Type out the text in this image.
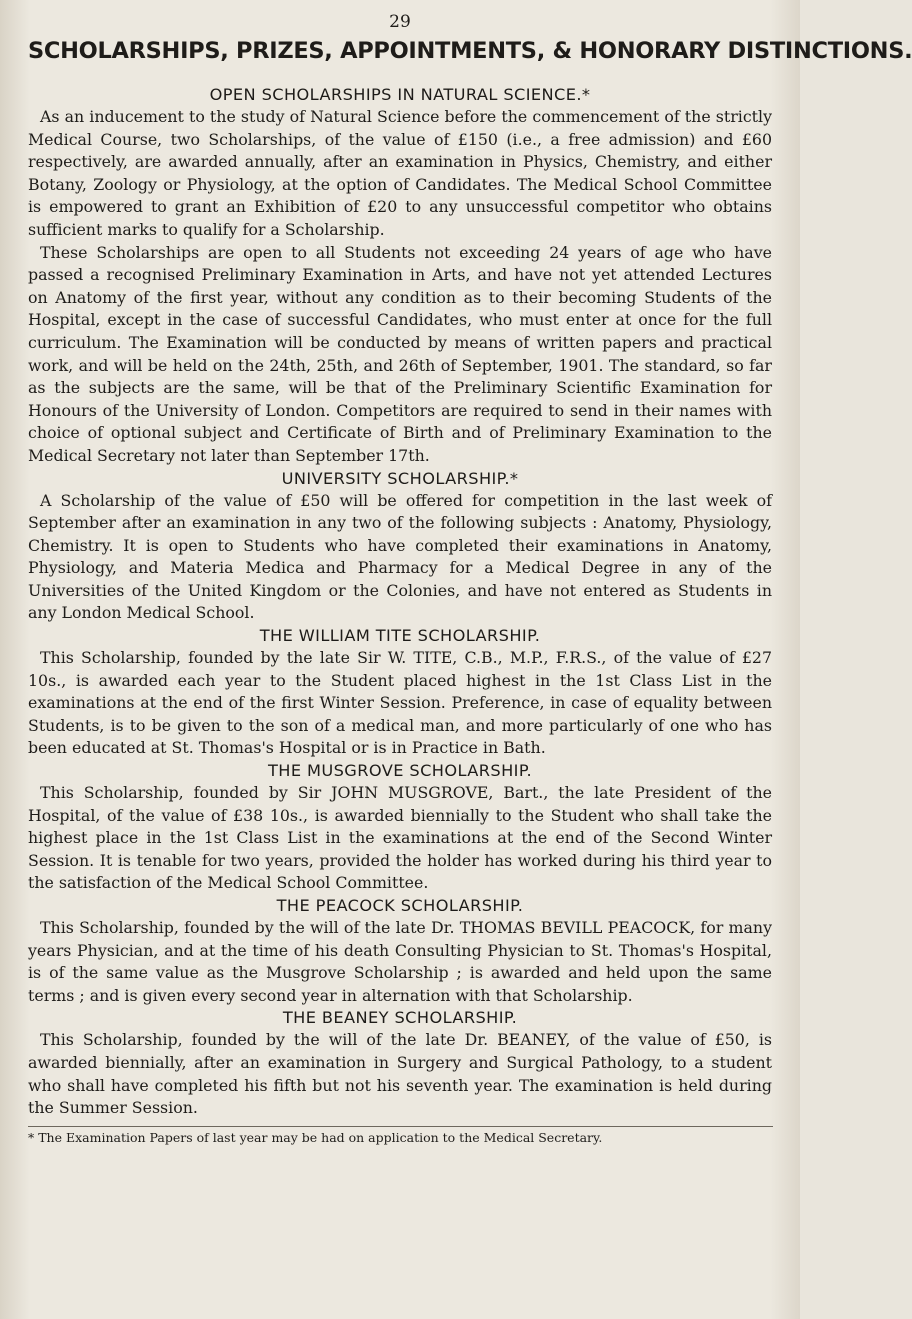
29
SCHOLARSHIPS, PRIZES, APPOINTMENTS, & HONORARY DISTINCTIONS.
OPEN SCHOLARSHIPS IN NATURAL SCIENCE.*

As an inducement to the study of Natural Science before the commencement of the strictly Medical Course, two Scholarships, of the value of £150 (i.e., a free admission) and £60 respectively, are awarded annually, after an examination in Physics, Chemistry, and either Botany, Zoology or Physiology, at the option of Candidates. The Medical School Committee is empowered to grant an Exhibition of £20 to any unsuccessful competitor who obtains sufficient marks to qualify for a Scholarship.

These Scholarships are open to all Students not exceeding 24 years of age who have passed a recognised Preliminary Examination in Arts, and have not yet attended Lectures on Anatomy of the first year, without any condition as to their becoming Students of the Hospital, except in the case of successful Candidates, who must enter at once for the full curriculum. The Examination will be conducted by means of written papers and practical work, and will be held on the 24th, 25th, and 26th of September, 1901. The standard, so far as the subjects are the same, will be that of the Preliminary Scientific Examination for Honours of the University of London. Competitors are required to send in their names with choice of optional subject and Certificate of Birth and of Preliminary Examination to the Medical Secretary not later than September 17th.

UNIVERSITY SCHOLARSHIP.*

A Scholarship of the value of £50 will be offered for competition in the last week of September after an examination in any two of the following subjects : Anatomy, Physiology, Chemistry. It is open to Students who have completed their examinations in Anatomy, Physiology, and Materia Medica and Pharmacy for a Medical Degree in any of the Universities of the United Kingdom or the Colonies, and have not entered as Students in any London Medical School.

THE WILLIAM TITE SCHOLARSHIP.

This Scholarship, founded by the late Sir W. TITE, C.B., M.P., F.R.S., of the value of £27 10s., is awarded each year to the Student placed highest in the 1st Class List in the examinations at the end of the first Winter Session. Preference, in case of equality between Students, is to be given to the son of a medical man, and more particularly of one who has been educated at St. Thomas's Hospital or is in Practice in Bath.

THE MUSGROVE SCHOLARSHIP.

This Scholarship, founded by Sir JOHN MUSGROVE, Bart., the late President of the Hospital, of the value of £38 10s., is awarded biennially to the Student who shall take the highest place in the 1st Class List in the examinations at the end of the Second Winter Session. It is tenable for two years, provided the holder has worked during his third year to the satisfaction of the Medical School Committee.

THE PEACOCK SCHOLARSHIP.

This Scholarship, founded by the will of the late Dr. THOMAS BEVILL PEACOCK, for many years Physician, and at the time of his death Consulting Physician to St. Thomas's Hospital, is of the same value as the Musgrove Scholarship ; is awarded and held upon the same terms ; and is given every second year in alternation with that Scholarship.

THE BEANEY SCHOLARSHIP.

This Scholarship, founded by the will of the late Dr. BEANEY, of the value of £50, is awarded biennially, after an examination in Surgery and Surgical Pathology, to a student who shall have completed his fifth but not his seventh year. The examination is held during the Summer Session.

* The Examination Papers of last year may be had on application to the Medical Secretary.
